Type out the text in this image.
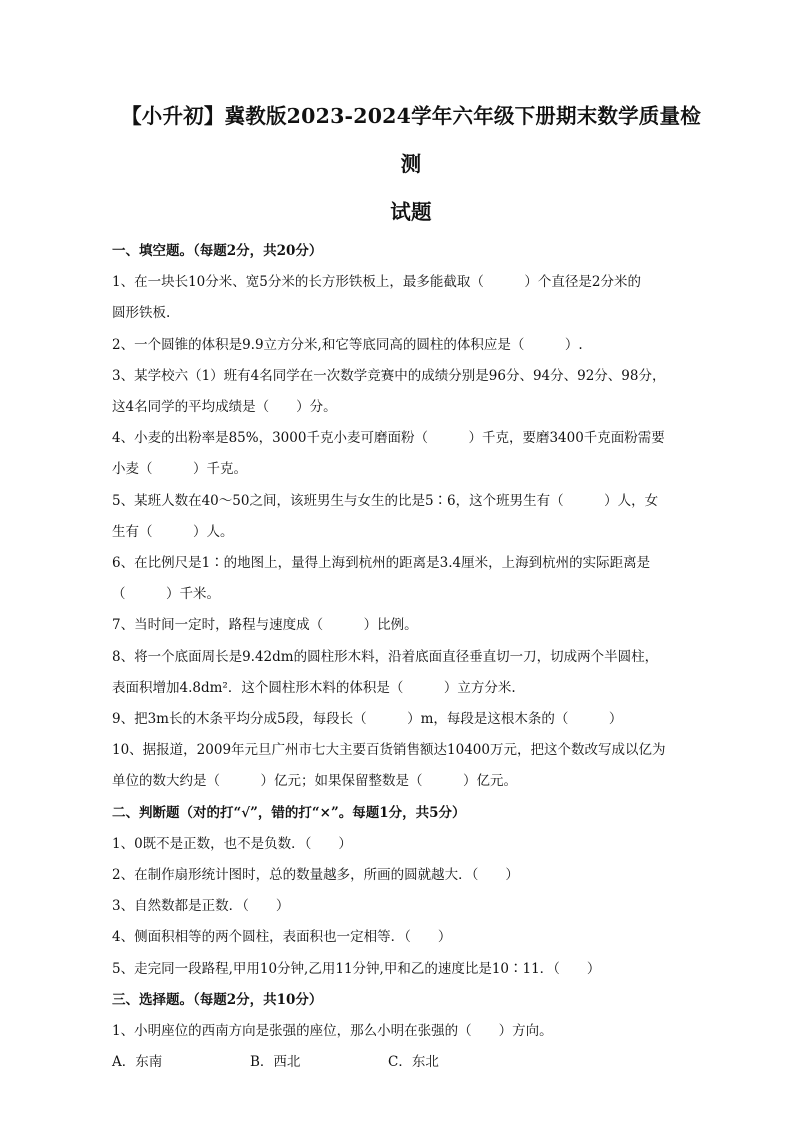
【小升初】冀教版2023-2024学年六年级下册期末数学质量检测
试题

一、填空题。（每题2分，共20分）

1、在一块长10分米、宽5分米的长方形铁板上，最多能截取（　　　）个直径是2分米的

圆形铁板.

2、一个圆锥的体积是9.9立方分米,和它等底同高的圆柱的体积应是（　　　）.

3、某学校六（1）班有4名同学在一次数学竞赛中的成绩分别是96分、94分、92分、98分，

这4名同学的平均成绩是（　　）分。

4、小麦的出粉率是85%，3000千克小麦可磨面粉（　　　）千克，要磨3400千克面粉需要

小麦（　　　）千克。

5、某班人数在40～50之间，该班男生与女生的比是5∶6，这个班男生有（　　　）人，女

生有（　　　）人。

6、在比例尺是1∶的地图上，量得上海到杭州的距离是3.4厘米，上海到杭州的实际距离是

（　　　）千米。

7、当时间一定时，路程与速度成（　　　）比例。

8、将一个底面周长是9.42dm的圆柱形木料，沿着底面直径垂直切一刀，切成两个半圆柱，

表面积增加4.8dm²．这个圆柱形木料的体积是（　　　）立方分米.

9、把3m长的木条平均分成5段，每段长（　　　）m，每段是这根木条的（　　　）

10、据报道，2009年元旦广州市七大主要百货销售额达10400万元，把这个数改写成以亿为

单位的数大约是（　　　）亿元；如果保留整数是（　　　）亿元。

二、判断题（对的打“√”，错的打“×”。每题1分，共5分）

1、0既不是正数，也不是负数．（　　）

2、在制作扇形统计图时，总的数量越多，所画的圆就越大．（　　）

3、自然数都是正数．（　　）

4、侧面积相等的两个圆柱，表面积也一定相等．（　　）

5、走完同一段路程,甲用10分钟,乙用11分钟,甲和乙的速度比是10∶11．（　　）

三、选择题。（每题2分，共10分）

1、小明座位的西南方向是张强的座位，那么小明在张强的（　　）方向。

A．东南	B．西北	C．东北
